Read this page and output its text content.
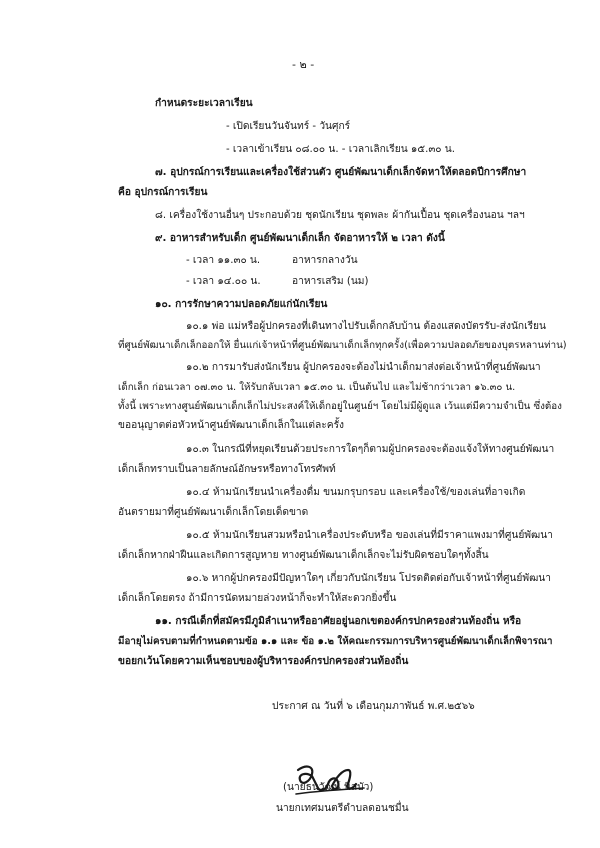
- ๒ -
กำหนดระยะเวลาเรียน
- เปิดเรียนวันจันทร์ - วันศุกร์
- เวลาเข้าเรียน ๐๘.๐๐ น. - เวลาเลิกเรียน ๑๕.๓๐ น.
๗. อุปกรณ์การเรียนและเครื่องใช้ส่วนตัว ศูนย์พัฒนาเด็กเล็กจัดหาให้ตลอดปีการศึกษา
คือ อุปกรณ์การเรียน
๘. เครื่องใช้งานอื่นๆ ประกอบด้วย ชุดนักเรียน ชุดพละ ผ้ากันเปื้อน ชุดเครื่องนอน ฯลฯ
๙. อาหารสำหรับเด็ก ศูนย์พัฒนาเด็กเล็ก จัดอาหารให้ ๒ เวลา ดังนี้
- เวลา ๑๑.๓๐ น.	อาหารกลางวัน
- เวลา ๑๔.๐๐ น.	อาหารเสริม (นม)
๑๐. การรักษาความปลอดภัยแก่นักเรียน
๑๐.๑ พ่อ แม่หรือผู้ปกครองที่เดินทางไปรับเด็กกลับบ้าน ต้องแสดงบัตรรับ-ส่งนักเรียน
ที่ศูนย์พัฒนาเด็กเล็กออกให้ ยื่นแก่เจ้าหน้าที่ศูนย์พัฒนาเด็กเล็กทุกครั้ง(เพื่อความปลอดภัยของบุตรหลานท่าน)
๑๐.๒ การมารับส่งนักเรียน ผู้ปกครองจะต้องไม่นำเด็กมาส่งต่อเจ้าหน้าที่ศูนย์พัฒนา
เด็กเล็ก ก่อนเวลา ๐๗.๓๐ น. ให้รับกลับเวลา ๑๕.๓๐ น. เป็นต้นไป และไม่ช้ากว่าเวลา ๑๖.๓๐ น.
ทั้งนี้ เพราะทางศูนย์พัฒนาเด็กเล็กไม่ประสงค์ให้เด็กอยู่ในศูนย์ฯ โดยไม่มีผู้ดูแล เว้นแต่มีความจำเป็น ซึ่งต้อง
ขออนุญาตต่อหัวหน้าศูนย์พัฒนาเด็กเล็กในแต่ละครั้ง
๑๐.๓ ในกรณีที่หยุดเรียนด้วยประการใดๆก็ตามผู้ปกครองจะต้องแจ้งให้ทางศูนย์พัฒนา
เด็กเล็กทราบเป็นลายลักษณ์อักษรหรือทางโทรศัพท์
๑๐.๔ ห้ามนักเรียนนำเครื่องดื่ม ขนมกรุบกรอบ และเครื่องใช้/ของเล่นที่อาจเกิด
อันตรายมาที่ศูนย์พัฒนาเด็กเล็กโดยเด็ดขาด
๑๐.๕ ห้ามนักเรียนสวมหรือนำเครื่องประดับหรือ ของเล่นที่มีราคาแพงมาที่ศูนย์พัฒนา
เด็กเล็กหากฝ่าฝืนและเกิดการสูญหาย ทางศูนย์พัฒนาเด็กเล็กจะไม่รับผิดชอบใดๆทั้งสิ้น
๑๐.๖ หากผู้ปกครองมีปัญหาใดๆ เกี่ยวกับนักเรียน โปรดติดต่อกับเจ้าหน้าที่ศูนย์พัฒนา
เด็กเล็กโดยตรง ถ้ามีการนัดหมายล่วงหน้าก็จะทำให้สะดวกยิ่งขึ้น
๑๑. กรณีเด็กที่สมัครมีภูมิลำเนาหรืออาศัยอยู่นอกเขตองค์กรปกครองส่วนท้องถิ่น หรือ
มีอายุไม่ครบตามที่กำหนดตามข้อ ๑.๑ และ ข้อ ๑.๒ ให้คณะกรรมการบริหารศูนย์พัฒนาเด็กเล็กพิจารณา
ขอยกเว้นโดยความเห็นชอบของผู้บริหารองค์กรปกครองส่วนท้องถิ่น
ประกาศ ณ วันที่ ๖ เดือนกุมภาพันธ์ พ.ศ.๒๕๖๖
(นายธนวัฒน์ นิลบัว)
นายกเทศมนตรีตำบลดอนชมื่น
